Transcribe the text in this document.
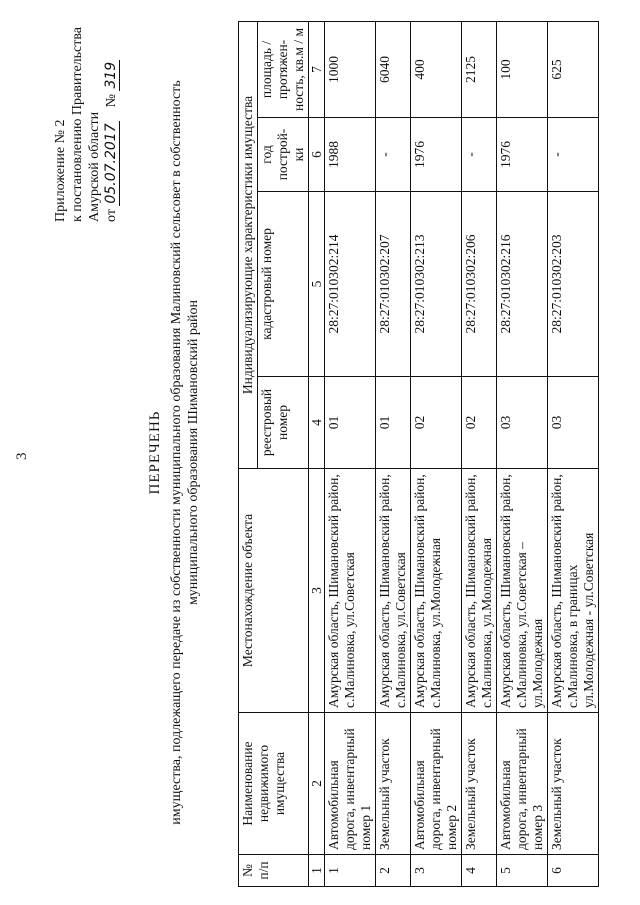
3
Приложение № 2 к постановлению Правительства Амурской области от 05.07.2017    № 319
ПЕРЕЧЕНЬ имущества, подлежащего передаче из собственности муниципального образования Малиновский сельсовет в собственность муниципального образования Шимановский район
№ п/п	Наименование недвижимого имущества	Местонахождение объекта	Индивидуализирующие характеристики имущества			
			реестровый номер	кадастровый номер	год построй-ки	площадь / протяжен-ность, кв.м / м
1	2	3	4	5	6	7
1	Автомобильная дорога, инвентарный номер 1	Амурская область, Шимановский район, с.Малиновка, ул.Советская	01	28:27:010302:214	1988	1000
2	Земельный участок	Амурская область, Шимановский район, с.Малиновка, ул.Советская	01	28:27:010302:207	-	6040
3	Автомобильная дорога, инвентарный номер 2	Амурская область, Шимановский район, с.Малиновка, ул.Молодежная	02	28:27:010302:213	1976	400
4	Земельный участок	Амурская область, Шимановский район, с.Малиновка, ул.Молодежная	02	28:27:010302:206	-	2125
5	Автомобильная дорога, инвентарный номер 3	Амурская область, Шимановский район, с.Малиновка, ул.Советская – ул.Молодежная	03	28:27:010302:216	1976	100
6	Земельный участок	Амурская область, Шимановский район, с.Малиновка, в границах ул.Молодежная - ул.Советская	03	28:27:010302:203	-	625
